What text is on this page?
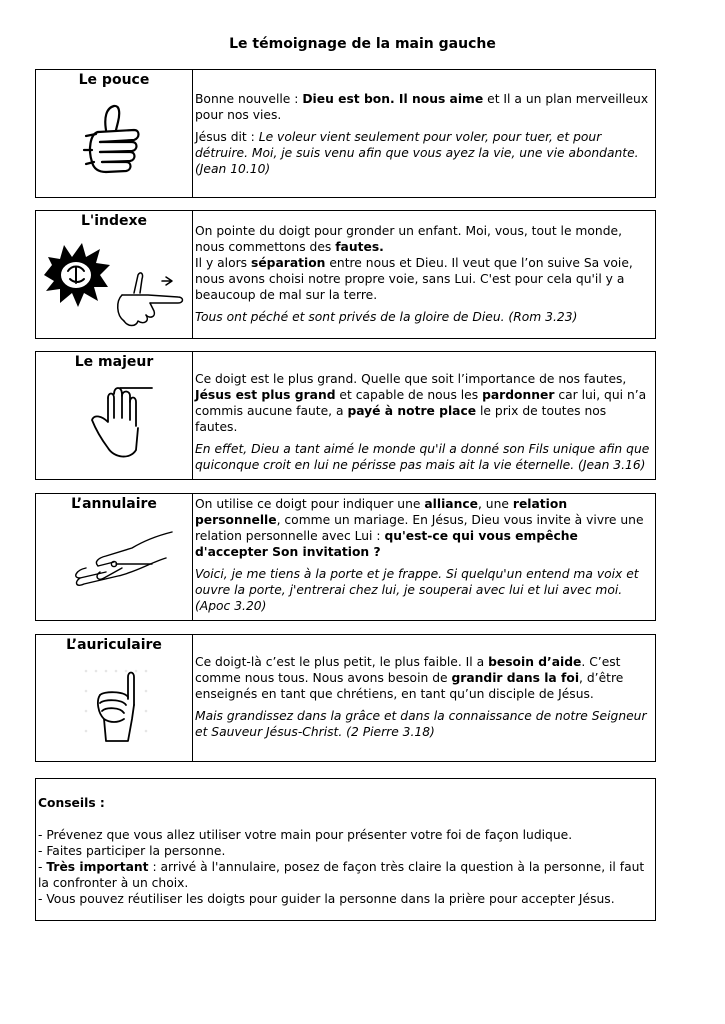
Le témoignage de la main gauche
Le pouce

Bonne nouvelle : Dieu est bon. Il nous aime et Il a un plan merveilleux pour nos vies.

Jésus dit : Le voleur vient seulement pour voler, pour tuer, et pour détruire. Moi, je suis venu afin que vous ayez la vie, une vie abondante. (Jean 10.10)

L'indexe

On pointe du doigt pour gronder un enfant. Moi, vous, tout le monde, nous commettons des fautes.
Il y alors séparation entre nous et Dieu. Il veut que l’on suive Sa voie, nous avons choisi notre propre voie, sans Lui. C'est pour cela qu'il y a beaucoup de mal sur la terre.

Tous ont péché et sont privés de la gloire de Dieu. (Rom 3.23)

Le majeur

Ce doigt est le plus grand. Quelle que soit l’importance de nos fautes, Jésus est plus grand et capable de nous les pardonner car lui, qui n’a commis aucune faute, a payé à notre place le prix de toutes nos fautes.

En effet, Dieu a tant aimé le monde qu'il a donné son Fils unique afin que quiconque croit en lui ne périsse pas mais ait la vie éternelle. (Jean 3.16)

L’annulaire	On utilise ce doigt pour indiquer une alliance, une relation personnelle, comme un mariage. En Jésus, Dieu vous invite à vivre une relation personnelle avec Lui : qu'est-ce qui vous empêche d'accepter Son invitation ?

Voici, je me tiens à la porte et je frappe. Si quelqu'un entend ma voix et ouvre la porte, j'entrerai chez lui, je souperai avec lui et lui avec moi. (Apoc 3.20)

L’auriculaire

Ce doigt-là c’est le plus petit, le plus faible. Il a besoin d’aide. C’est comme nous tous. Nous avons besoin de grandir dans la foi, d’être enseignés en tant que chrétiens, en tant qu’un disciple de Jésus.

Mais grandissez dans la grâce et dans la connaissance de notre Seigneur et Sauveur Jésus-Christ. (2 Pierre 3.18)

Conseils :
- Prévenez que vous allez utiliser votre main pour présenter votre foi de façon ludique.
- Faites participer la personne.
- Très important : arrivé à l'annulaire, posez de façon très claire la question à la personne, il faut la confronter à un choix.
- Vous pouvez réutiliser les doigts pour guider la personne dans la prière pour accepter Jésus.
